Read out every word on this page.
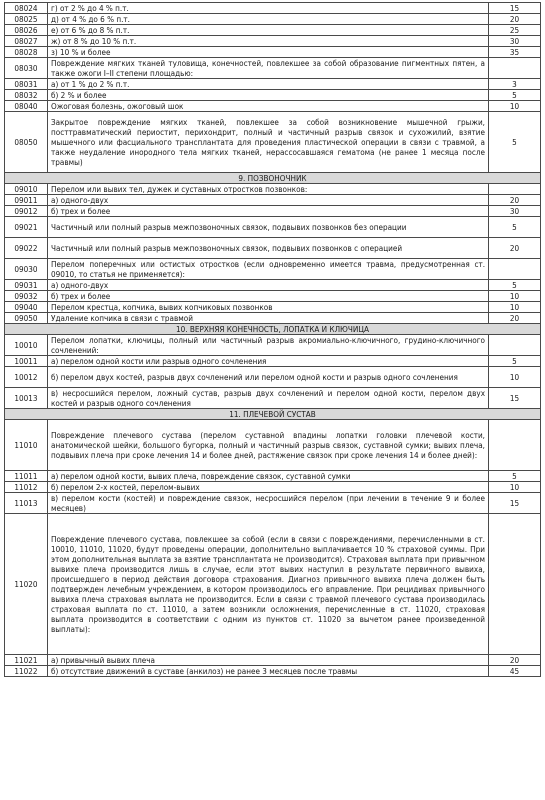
08024	г) от 2 % до 4 % п.т.	15
08025	д) от 4 % до 6 % п.т.	20
08026	е) от 6 % до 8 % п.т.	25
08027	ж) от 8 % до 10 % п.т.	30
08028	з) 10 % и более	35
08030	Повреждение мягких тканей туловища, конечностей, повлекшее за собой образование пигментных пятен, а также ожоги I–II степени площадью:	
08031	а) от 1 % до 2 % п.т.	3
08032	б) 2 % и более	5
08040	Ожоговая болезнь, ожоговый шок	10
08050	Закрытое повреждение мягких тканей, повлекшее за собой возникновение мышечной грыжи, посттравматический периостит, перихондрит, полный и частичный разрыв связок и сухожилий, взятие мышечного или фасциального трансплантата для проведения пластической операции в связи с травмой, а также неудаление инородного тела мягких тканей, нерассосавшаяся гематома (не ранее 1 месяца после травмы)	5
9. ПОЗВОНОЧНИК		
09010	Перелом или вывих тел, дужек и суставных отростков позвонков:	
09011	а) одного-двух	20
09012	б) трех и более	30
09021	Частичный или полный разрыв межпозвоночных связок, подвывих позвонков без операции	5
09022	Частичный или полный разрыв межпозвоночных связок, подвывих позвонков с операцией	20
09030	Перелом поперечных или остистых отростков (если одновременно имеется травма, предусмотренная ст. 09010, то статья не применяется):	
09031	а) одного-двух	5
09032	б) трех и более	10
09040	Перелом крестца, копчика, вывих копчиковых позвонков	10
09050	Удаление копчика в связи с травмой	20
10. ВЕРХНЯЯ КОНЕЧНОСТЬ, ЛОПАТКА И КЛЮЧИЦА		
10010	Перелом лопатки, ключицы, полный или частичный разрыв акромиально-ключичного, грудино-ключичного сочленений:	
10011	а) перелом одной кости или разрыв одного сочленения	5
10012	б) перелом двух костей, разрыв двух сочленений или перелом одной кости и разрыв одного сочленения	10
10013	в) несросшийся перелом, ложный сустав, разрыв двух сочленений и перелом одной кости, перелом двух костей и разрыв одного сочленения	15
11. ПЛЕЧЕВОЙ СУСТАВ		
11010	Повреждение плечевого сустава (перелом суставной впадины лопатки головки плечевой кости, анатомической шейки, большого бугорка, полный и частичный разрыв связок, суставной сумки; вывих плеча, подвывих плеча при сроке лечения 14 и более дней, растяжение связок при сроке лечения 14 и более дней):	
11011	а) перелом одной кости, вывих плеча, повреждение связок, суставной сумки	5
11012	б) перелом 2-х костей, перелом-вывих	10
11013	в) перелом кости (костей) и повреждение связок, несросшийся перелом (при лечении в течение 9 и более месяцев)	15
11020	Повреждение плечевого сустава, повлекшее за собой (если в связи с повреждениями, перечисленными в ст. 10010, 11010, 11020, будут проведены операции, дополнительно выплачивается 10 % страховой суммы. При этом дополнительная выплата за взятие трансплантата не производится). Страховая выплата при привычном вывихе плеча производится лишь в случае, если этот вывих наступил в результате первичного вывиха, происшедшего в период действия договора страхования. Диагноз привычного вывиха плеча должен быть подтвержден лечебным учреждением, в котором производилось его вправление. При рецидивах привычного вывиха плеча страховая выплата не производится. Если в связи с травмой плечевого сустава производилась страховая выплата по ст. 11010, а затем возникли осложнения, перечисленные в ст. 11020, страховая выплата производится в соответствии с одним из пунктов ст. 11020 за вычетом ранее произведенной выплаты):	
11021	а) привычный вывих плеча	20
11022	б) отсутствие движений в суставе (анкилоз) не ранее 3 месяцев после травмы	45
